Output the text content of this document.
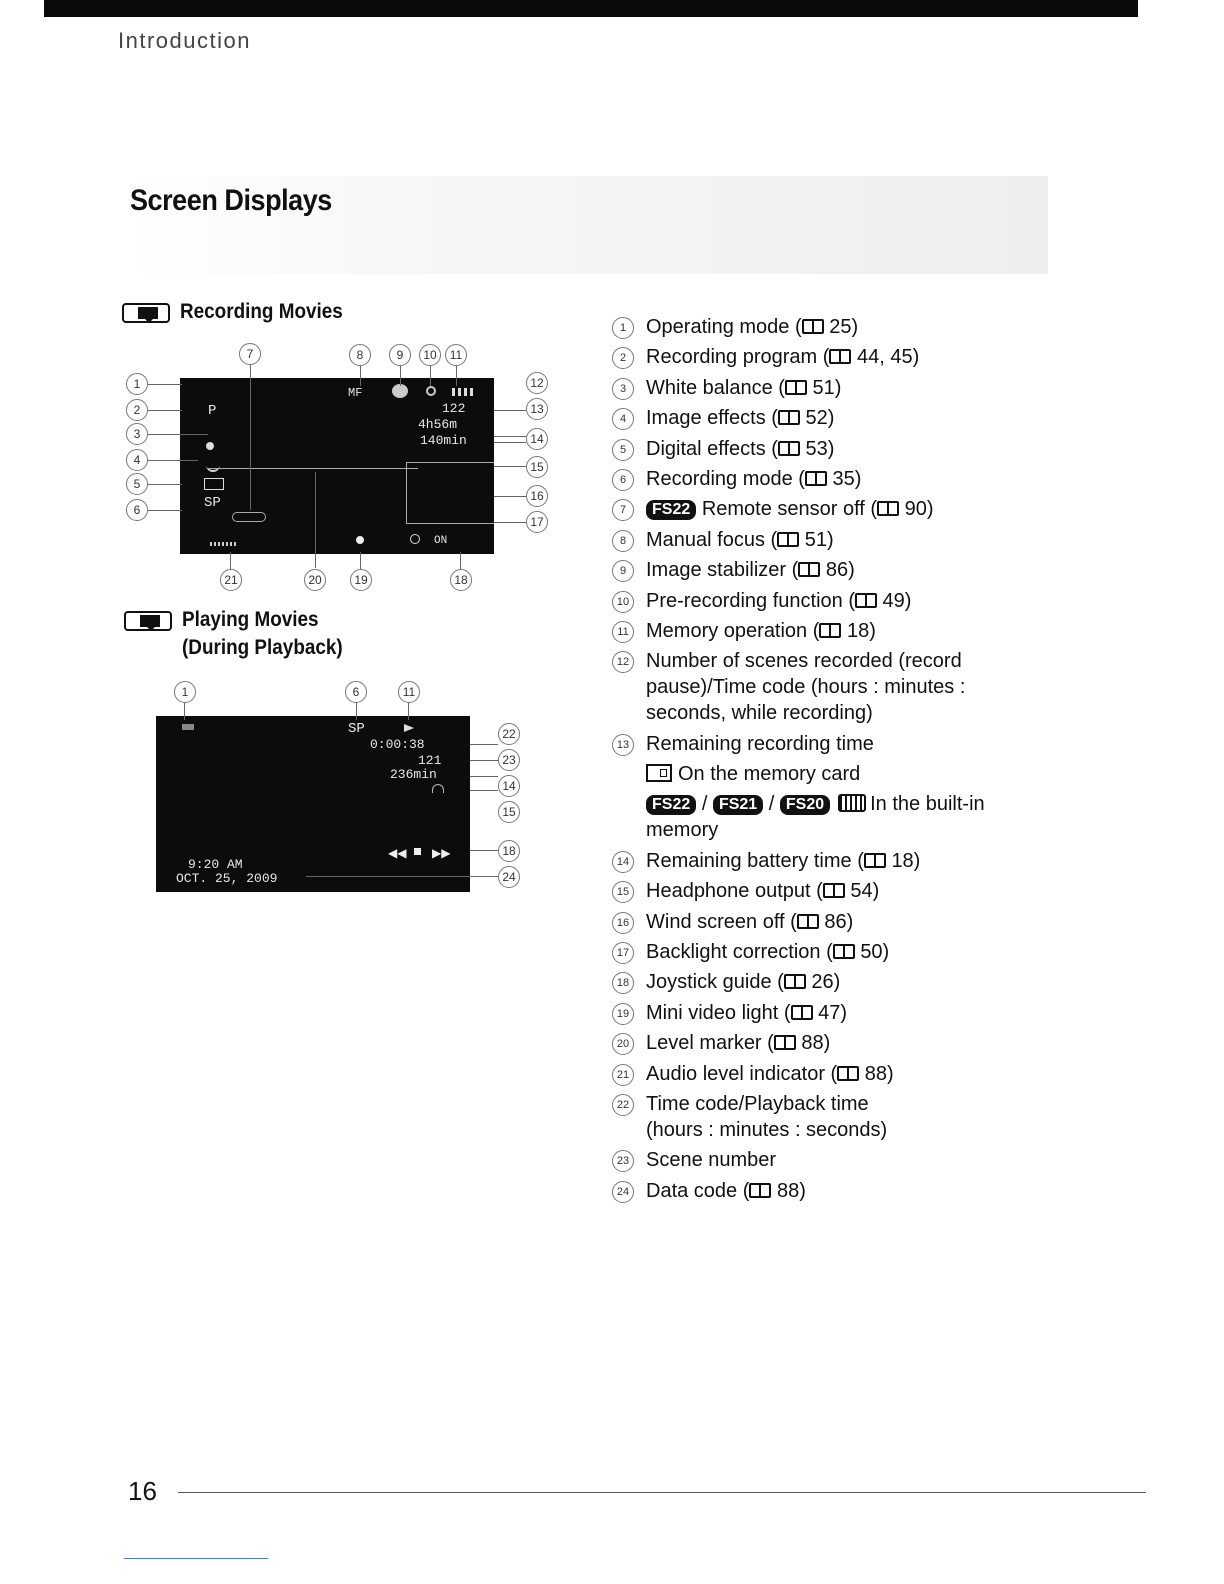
Introduction
Screen Displays
Recording Movies
P
SP
MF
122
4h56m
140min
ON
1
2
3
4
5
6
7	8	9	10	11
12
13
14
15
16
17
18
19
20
21
Playing Movies
(During Playback)
SP
0:00:38
121
236min
9:20 AM
OCT. 25, 2009
◀◀ ▶▶
1	6	11
22
23
14
15
18
24
1 Operating mode ( 25)
2 Recording program ( 44, 45)
3 White balance ( 51)
4 Image effects ( 52)
5 Digital effects ( 53)
6 Recording mode ( 35)
7	FS22 Remote sensor off ( 90)
8 Manual focus ( 51)
9 Image stabilizer ( 86)
10 Pre-recording function ( 49)
11 Memory operation ( 18)
12 Number of scenes recorded (record
pause)/Time code (hours : minutes :
seconds, while recording)
13 Remaining recording time
On the memory card
FS22 / FS21 / FS20 In the built-in
memory
14 Remaining battery time ( 18)
15 Headphone output ( 54)
16 Wind screen off ( 86)
17 Backlight correction ( 50)
18 Joystick guide ( 26)
19 Mini video light ( 47)
20 Level marker ( 88)
21 Audio level indicator ( 88)
22 Time code/Playback time
(hours : minutes : seconds)
23 Scene number
24 Data code ( 88)
16
